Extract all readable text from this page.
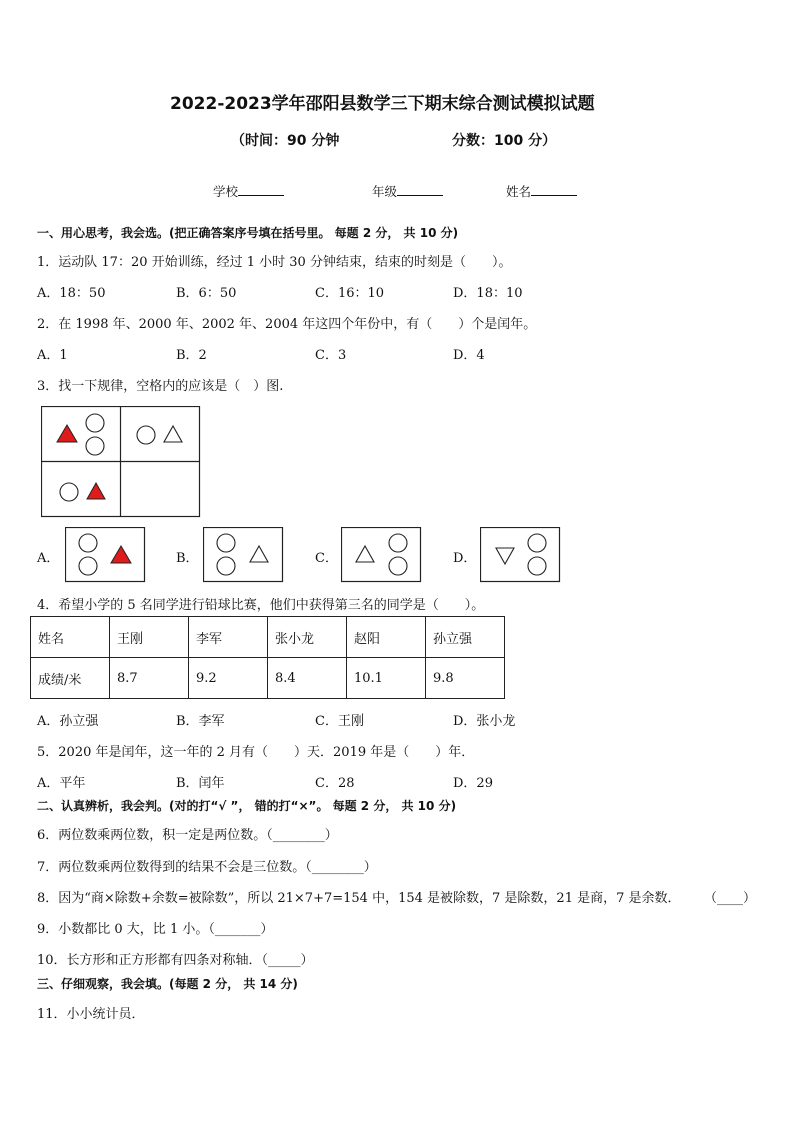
2022-2023学年邵阳县数学三下期末综合测试模拟试题
（时间：90 分钟	分数：100 分）
学校	年级	姓名
一、用心思考，我会选。(把正确答案序号填在括号里。 每题 2 分， 共 10 分)
1．运动队 17：20 开始训练，经过 1 小时 30 分钟结束，结束的时刻是（　　）。
A．18：50	B．6：50	C．16：10	D．18：10
2．在 1998 年、2000 年、2002 年、2004 年这四个年份中，有（　　）个是闰年。
A．1	B．2	C．3	D．4
3．找一下规律，空格内的应该是（　）图.
A．	B．	C．	D．
4．希望小学的 5 名同学进行铅球比赛，他们中获得第三名的同学是（　　）。
姓名	王刚	李军	张小龙	赵阳	孙立强
成绩/米	8.7	9.2	8.4	10.1	9.8
A．孙立强	B．李军	C．王刚	D．张小龙
5．2020 年是闰年，这一年的 2 月有（　　）天．2019 年是（　　）年．
A．平年	B．闰年	C．28	D．29
二、认真辨析，我会判。(对的打“√ ”， 错的打“×”。 每题 2 分， 共 10 分)
6．两位数乘两位数，积一定是两位数。（________）
7．两位数乘两位数得到的结果不会是三位数。（________）
8．因为“商×除数+余数=被除数”，所以 21×7+7=154 中，154 是被除数，7 是除数，21 是商，7 是余数． （____）
9．小数都比 0 大，比 1 小。（_______）
10．长方形和正方形都有四条对称轴．（_____）
三、仔细观察，我会填。(每题 2 分， 共 14 分)
11．小小统计员．
